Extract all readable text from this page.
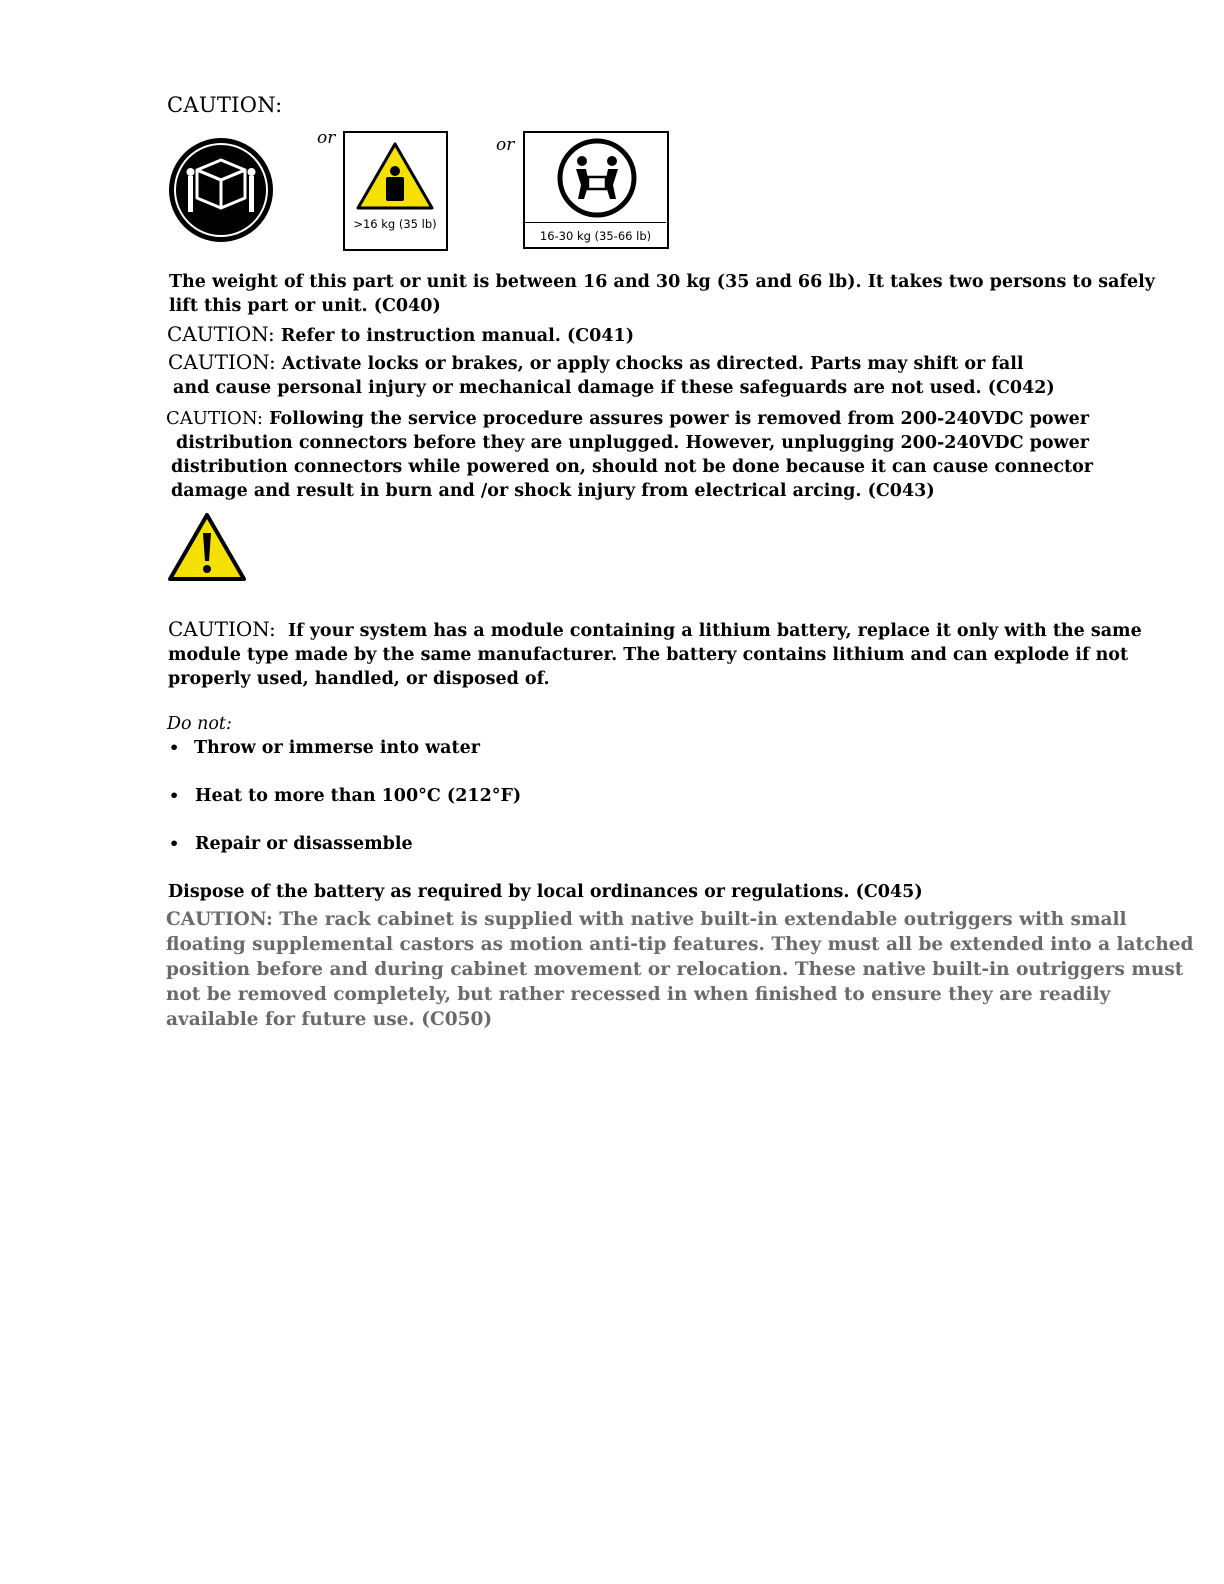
CAUTION:
or
>16 kg (35 lb)
or
16-30 kg (35-66 lb)

The weight of this part or unit is between 16 and 30 kg (35 and 66 lb). It takes two persons to safely

lift this part or unit. (C040)

CAUTION: Refer to instruction manual. (C041)

CAUTION: Activate locks or brakes, or apply chocks as directed. Parts may shift or fall

and cause personal injury or mechanical damage if these safeguards are not used. (C042)

CAUTION: Following the service procedure assures power is removed from 200-240VDC power

distribution connectors before they are unplugged. However, unplugging 200-240VDC power

distribution connectors while powered on, should not be done because it can cause connector

damage and result in burn and /or shock injury from electrical arcing. (C043)

CAUTION: If your system has a module containing a lithium battery, replace it only with the same

module type made by the same manufacturer. The battery contains lithium and can explode if not

properly used, handled, or disposed of.

Do not:
• Throw or immerse into water
• Heat to more than 100°C (212°F)
• Repair or disassemble

Dispose of the battery as required by local ordinances or regulations. (C045)

CAUTION: The rack cabinet is supplied with native built-in extendable outriggers with small
floating supplemental castors as motion anti-tip features. They must all be extended into a latched
position before and during cabinet movement or relocation. These native built-in outriggers must
not be removed completely, but rather recessed in when finished to ensure they are readily
available for future use. (C050)
